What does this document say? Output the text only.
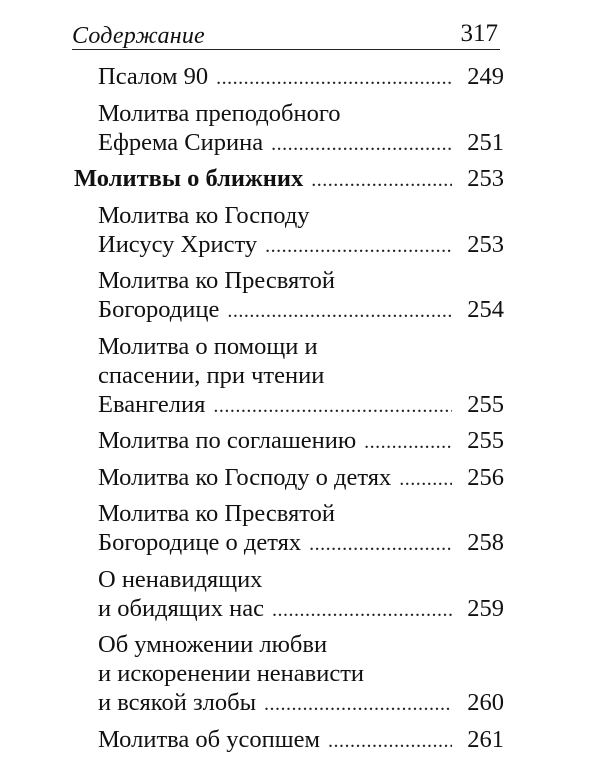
Содержание	317
Псалом 90 .....	249
Молитва преподобного
Ефрема Сирина .....	251
Молитвы о ближних .....	253
Молитва ко Господу
Иисусу Христу .....	253
Молитва ко Пресвятой
Богородице .....	254
Молитва о помощи и
спасении, при чтении
Евангелия .....	255
Молитва по соглашению .....	255
Молитва ко Господу о детях .....	256
Молитва ко Пресвятой
Богородице о детях .....	258
О ненавидящих
и обидящих нас .....	259
Об умножении любви
и искоренении ненависти
и всякой злобы .....	260
Молитва об усопшем .....	261
